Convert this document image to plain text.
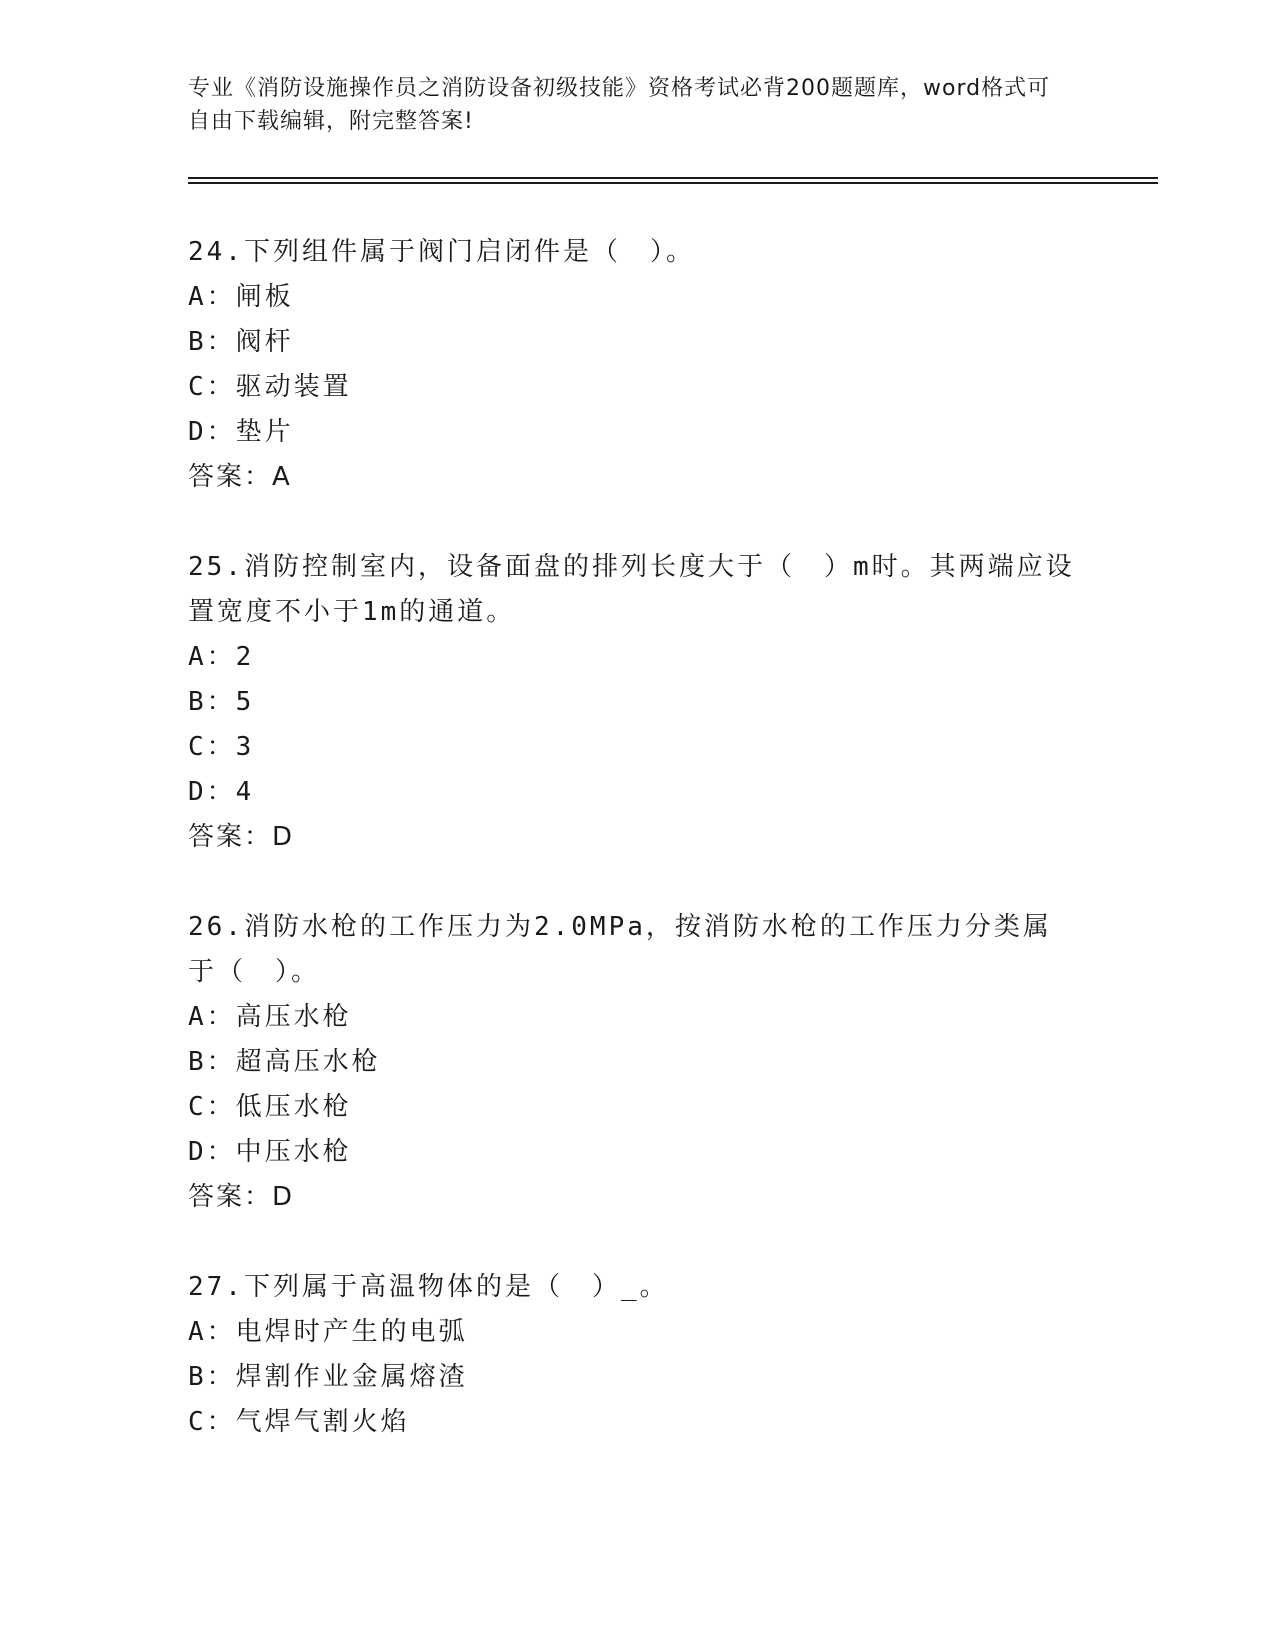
专业《消防设施操作员之消防设备初级技能》资格考试必背200题题库，word格式可自由下载编辑，附完整答案!
24.下列组件属于阀门启闭件是（　）。
A：闸板
B：阀杆
C：驱动装置
D：垫片
答案：A
25.消防控制室内，设备面盘的排列长度大于（　）m时。其两端应设置宽度不小于1m的通道。
A：2
B：5
C：3
D：4
答案：D
26.消防水枪的工作压力为2.0MPa，按消防水枪的工作压力分类属于（　）。
A：高压水枪
B：超高压水枪
C：低压水枪
D：中压水枪
答案：D
27.下列属于高温物体的是（　）_。
A：电焊时产生的电弧
B：焊割作业金属熔渣
C：气焊气割火焰
